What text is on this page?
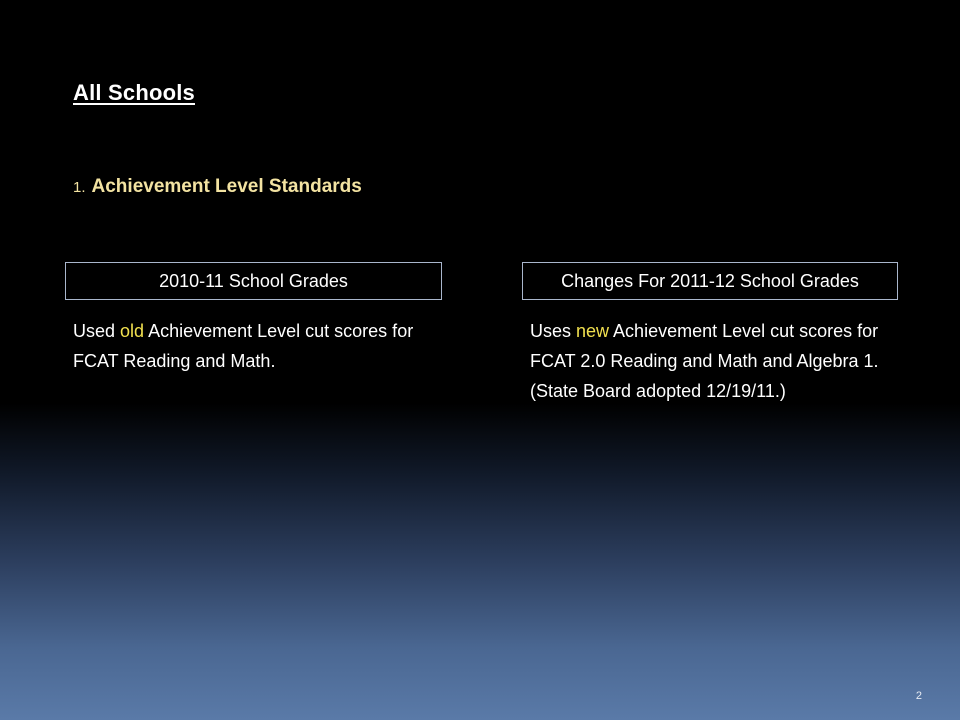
All Schools
1. Achievement Level Standards
2010-11 School Grades	Changes For 2011-12 School Grades
Used old Achievement Level cut scores for FCAT Reading and Math.
Uses new Achievement Level cut scores for FCAT 2.0 Reading and Math and Algebra 1. (State Board adopted 12/19/11.)
2
